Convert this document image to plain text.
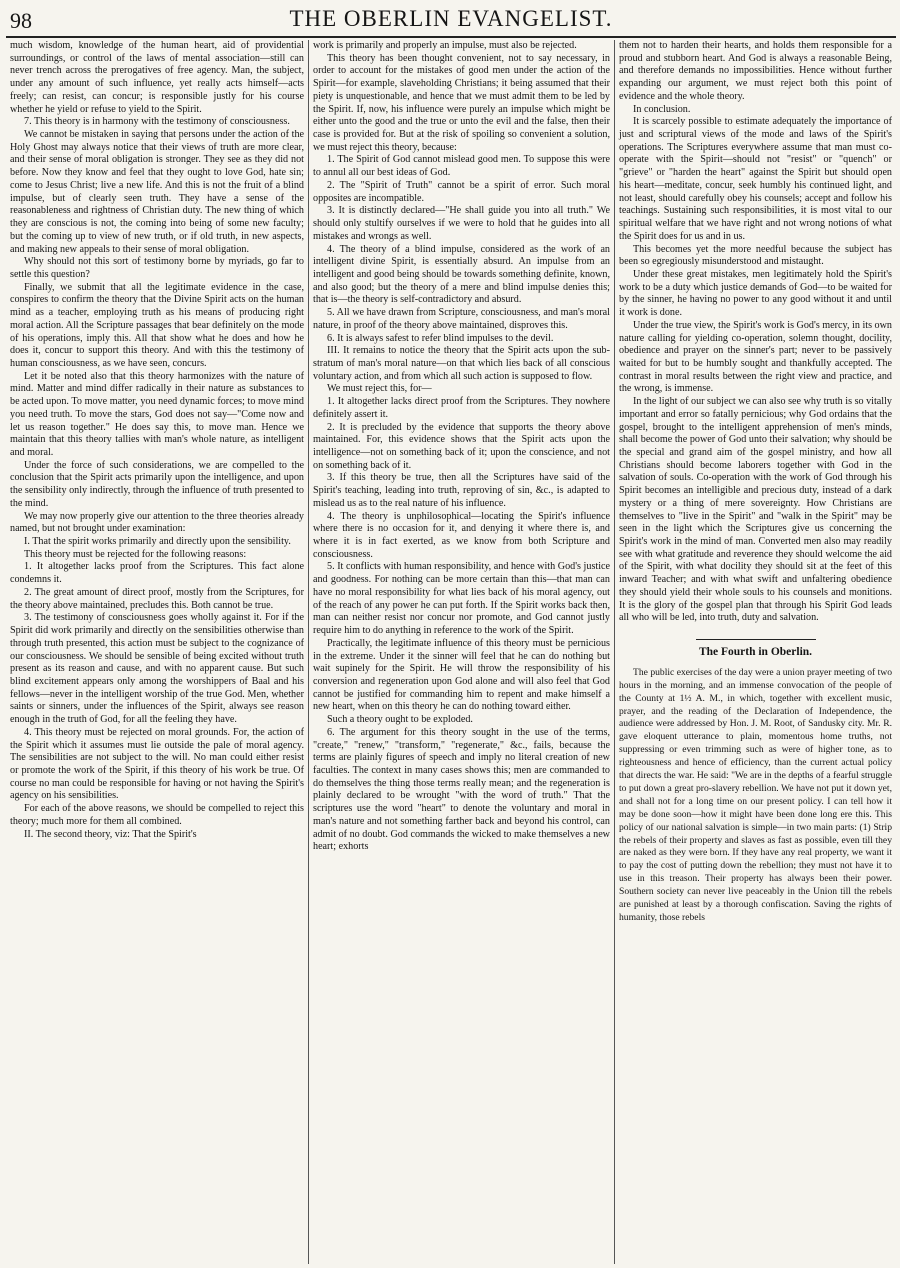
98	THE OBERLIN EVANGELIST.

much wisdom, knowledge of the human heart, aid of providential surroundings, or control of the laws of mental association—still can never trench across the prerogatives of free agency. Man, the subject, under any amount of such influence, yet really acts himself—acts freely; can resist, can concur; is responsible justly for his course whether he yield or refuse to yield to the Spirit.

7. This theory is in harmony with the testimony of consciousness.

We cannot be mistaken in saying that persons under the action of the Holy Ghost may always notice that their views of truth are more clear, and their sense of moral obligation is stronger. They see as they did not before. Now they know and feel that they ought to love God, hate sin; come to Jesus Christ; live a new life. And this is not the fruit of a blind impulse, but of clearly seen truth. They have a sense of the reasonableness and rightness of Christian duty. The new thing of which they are conscious is not, the coming into being of some new faculty; but the coming up to view of new truth, or if old truth, in new aspects, and making new appeals to their sense of moral obligation.

Why should not this sort of testimony borne by myriads, go far to settle this question?

Finally, we submit that all the legitimate evidence in the case, conspires to confirm the theory that the Divine Spirit acts on the human mind as a teacher, employing truth as his means of producing right moral action. All the Scripture passages that bear definitely on the mode of his operations, imply this. All that show what he does and how he does it, concur to support this theory. And with this the testimony of human consciousness, as we have seen, concurs.

Let it be noted also that this theory harmonizes with the nature of mind. Matter and mind differ radically in their nature as substances to be acted upon. To move matter, you need dynamic forces; to move mind you need truth. To move the stars, God does not say—"Come now and let us reason together." He does say this, to move man. Hence we maintain that this theory tallies with man's whole nature, as intelligent and moral.

Under the force of such considerations, we are compelled to the conclusion that the Spirit acts primarily upon the intelligence, and upon the sensibility only indirectly, through the influence of truth presented to the mind.

We may now properly give our attention to the three theories already named, but not brought under examination:

I. That the spirit works primarily and directly upon the sensibility.

This theory must be rejected for the following reasons:

1. It altogether lacks proof from the Scriptures. This fact alone condemns it.

2. The great amount of direct proof, mostly from the Scriptures, for the theory above maintained, precludes this. Both cannot be true.

3. The testimony of consciousness goes wholly against it. For if the Spirit did work primarily and directly on the sensibilities otherwise than through truth presented, this action must be subject to the cognizance of our consciousness. We should be sensible of being excited without truth present as its reason and cause, and with no apparent cause. But such blind excitement appears only among the worshippers of Baal and his fellows—never in the intelligent worship of the true God. Men, whether saints or sinners, under the influences of the Spirit, always see reason enough in the truth of God, for all the feeling they have.

4. This theory must be rejected on moral grounds. For, the action of the Spirit which it assumes must lie outside the pale of moral agency. The sensibilities are not subject to the will. No man could either resist or promote the work of the Spirit, if this theory of his work be true. Of course no man could be responsible for having or not having the Spirit's agency on his sensibilities.

For each of the above reasons, we should be compelled to reject this theory; much more for them all combined.

II. The second theory, viz: That the Spirit's

work is primarily and properly an impulse, must also be rejected.

This theory has been thought convenient, not to say necessary, in order to account for the mistakes of good men under the action of the Spirit—for example, slaveholding Christians; it being assumed that their piety is unquestionable, and hence that we must admit them to be led by the Spirit. If, now, his influence were purely an impulse which might be either unto the good and the true or unto the evil and the false, then their case is provided for. But at the risk of spoiling so convenient a solution, we must reject this theory, because:

1. The Spirit of God cannot mislead good men. To suppose this were to annul all our best ideas of God.

2. The "Spirit of Truth" cannot be a spirit of error. Such moral opposites are incompatible.

3. It is distinctly declared—"He shall guide you into all truth." We should only stultify ourselves if we were to hold that he guides into all mistakes and wrongs as well.

4. The theory of a blind impulse, considered as the work of an intelligent divine Spirit, is essentially absurd. An impulse from an intelligent and good being should be towards something definite, known, and also good; but the theory of a mere and blind impulse denies this; that is—the theory is self-contradictory and absurd.

5. All we have drawn from Scripture, consciousness, and man's moral nature, in proof of the theory above maintained, disproves this.

6. It is always safest to refer blind impulses to the devil.

III. It remains to notice the theory that the Spirit acts upon the sub-stratum of man's moral nature—on that which lies back of all conscious voluntary action, and from which all such action is supposed to flow.

We must reject this, for—

1. It altogether lacks direct proof from the Scriptures. They nowhere definitely assert it.

2. It is precluded by the evidence that supports the theory above maintained. For, this evidence shows that the Spirit acts upon the intelligence—not on something back of it; upon the conscience, and not on something back of it.

3. If this theory be true, then all the Scriptures have said of the Spirit's teaching, leading into truth, reproving of sin, &c., is adapted to mislead us as to the real nature of his influence.

4. The theory is unphilosophical—locating the Spirit's influence where there is no occasion for it, and denying it where there is, and where it is in fact exerted, as we know from both Scripture and consciousness.

5. It conflicts with human responsibility, and hence with God's justice and goodness. For nothing can be more certain than this—that man can have no moral responsibility for what lies back of his moral agency, out of the reach of any power he can put forth. If the Spirit works back then, man can neither resist nor concur nor promote, and God cannot justly require him to do anything in reference to the work of the Spirit.

Practically, the legitimate influence of this theory must be pernicious in the extreme. Under it the sinner will feel that he can do nothing but wait supinely for the Spirit. He will throw the responsibility of his conversion and regeneration upon God alone and will also feel that God cannot be justified for commanding him to repent and make himself a new heart, when on this theory he can do nothing toward either.

Such a theory ought to be exploded.

6. The argument for this theory sought in the use of the terms, "create," "renew," "transform," "regenerate," &c., fails, because the terms are plainly figures of speech and imply no literal creation of new faculties. The context in many cases shows this; men are commanded to do themselves the thing those terms really mean; and the regeneration is plainly declared to be wrought "with the word of truth." That the scriptures use the word "heart" to denote the voluntary and moral in man's nature and not something farther back and beyond his control, can admit of no doubt. God commands the wicked to make themselves a new heart; exhorts

them not to harden their hearts, and holds them responsible for a proud and stubborn heart. And God is always a reasonable Being, and therefore demands no impossibilities. Hence without further expanding our argument, we must reject both this point of evidence and the whole theory.

In conclusion.

It is scarcely possible to estimate adequately the importance of just and scriptural views of the mode and laws of the Spirit's operations. The Scriptures everywhere assume that man must co-operate with the Spirit—should not "resist" or "quench" or "grieve" or "harden the heart" against the Spirit but should open his heart—meditate, concur, seek humbly his continued light, and not least, should carefully obey his counsels; accept and follow his teachings. Sustaining such responsibilities, it is most vital to our spiritual welfare that we have right and not wrong notions of what the Spirit does for us and in us.

This becomes yet the more needful because the subject has been so egregiously misunderstood and mistaught.

Under these great mistakes, men legitimately hold the Spirit's work to be a duty which justice demands of God—to be waited for by the sinner, he having no power to any good without it and until it work is done.

Under the true view, the Spirit's work is God's mercy, in its own nature calling for yielding co-operation, solemn thought, docility, obedience and prayer on the sinner's part; never to be passively waited for but to be humbly sought and thankfully accepted. The contrast in moral results between the right view and practice, and the wrong, is immense.

In the light of our subject we can also see why truth is so vitally important and error so fatally pernicious; why God ordains that the gospel, brought to the intelligent apprehension of men's minds, shall become the power of God unto their salvation; why should be the special and grand aim of the gospel ministry, and how all Christians should become laborers together with God in the salvation of souls. Co-operation with the work of God through his Spirit becomes an intelligible and precious duty, instead of a dark mystery or a thing of mere sovereignty. How Christians are themselves to "live in the Spirit" and "walk in the Spirit" may be seen in the light which the Scriptures give us concerning the Spirit's work in the mind of man. Converted men also may readily see with what gratitude and reverence they should welcome the aid of the Spirit, with what docility they should sit at the feet of this inward Teacher; and with what swift and unfaltering obedience they should yield their whole souls to his counsels and monitions. It is the glory of the gospel plan that through his Spirit God leads all who will be led, into truth, duty and salvation.

The Fourth in Oberlin.

The public exercises of the day were a union prayer meeting of two hours in the morning, and an immense convocation of the people of the County at 1½ A. M., in which, together with excellent music, prayer, and the reading of the Declaration of Independence, the audience were addressed by Hon. J. M. Root, of Sandusky city. Mr. R. gave eloquent utterance to plain, momentous home truths, not suppressing or even trimming such as were of higher tone, as to righteousness and hence of efficiency, than the current actual policy that directs the war. He said: "We are in the depths of a fearful struggle to put down a great pro-slavery rebellion. We have not put it down yet, and shall not for a long time on our present policy. I can tell how it may be done soon—how it might have been done long ere this. This policy of our national salvation is simple—in two main parts: (1) Strip the rebels of their property and slaves as fast as possible, even till they are naked as they were born. If they have any real property, we want it to pay the cost of putting down the rebellion; they must not have it to use in this treason. Their property has always been their power. Southern society can never live peaceably in the Union till the rebels are punished at least by a thorough confiscation. Saving the rights of humanity, those rebels
